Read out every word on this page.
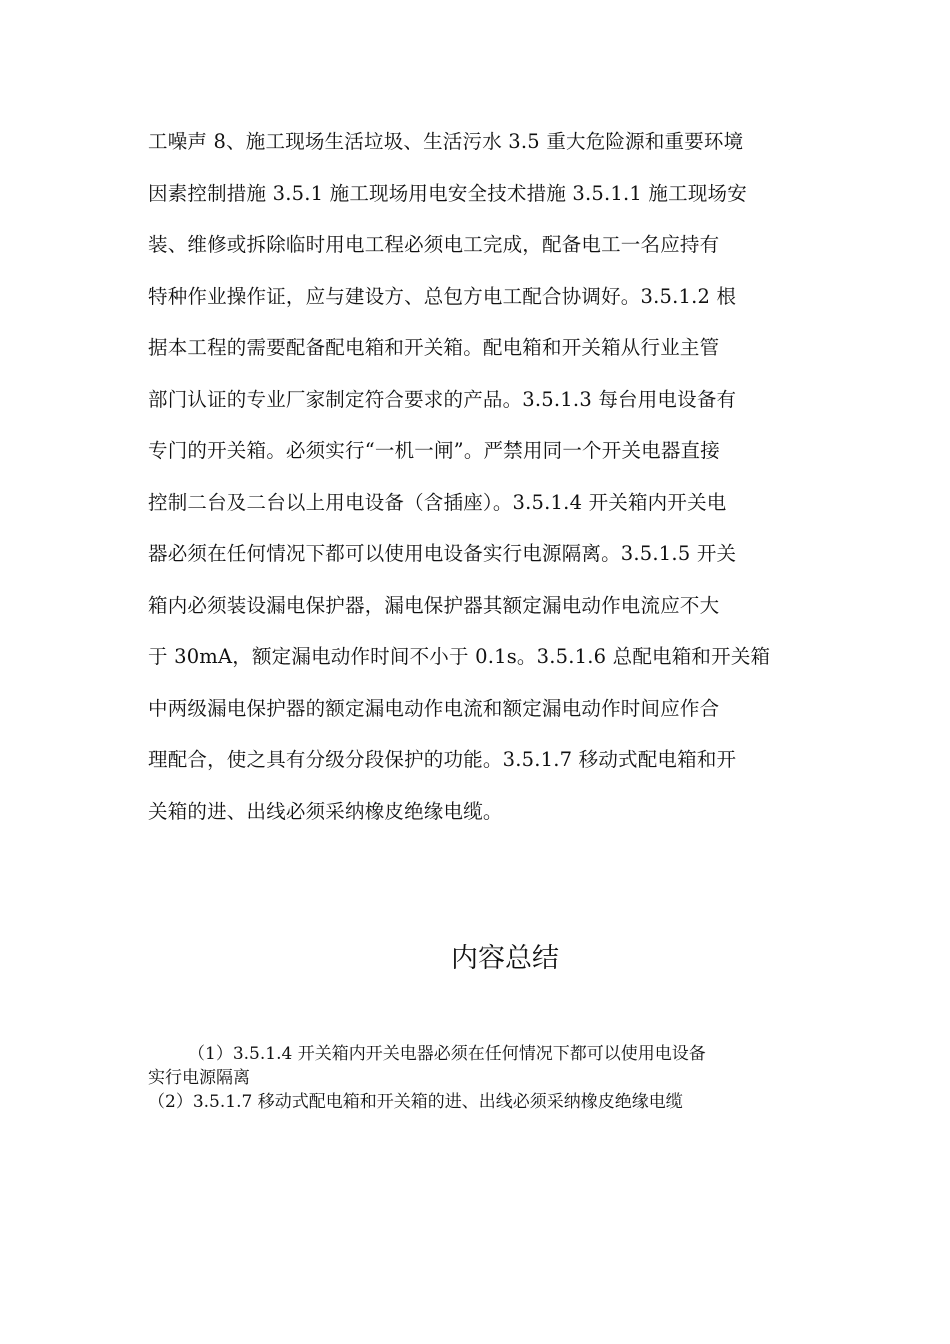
工噪声 8、施工现场生活垃圾、生活污水 3.5 重大危险源和重要环境
因素控制措施 3.5.1 施工现场用电安全技术措施 3.5.1.1 施工现场安
装、维修或拆除临时用电工程必须电工完成，配备电工一名应持有
特种作业操作证，应与建设方、总包方电工配合协调好。3.5.1.2 根
据本工程的需要配备配电箱和开关箱。配电箱和开关箱从行业主管
部门认证的专业厂家制定符合要求的产品。3.5.1.3 每台用电设备有
专门的开关箱。必须实行“一机一闸”。严禁用同一个开关电器直接
控制二台及二台以上用电设备（含插座）。3.5.1.4 开关箱内开关电
器必须在任何情况下都可以使用电设备实行电源隔离。3.5.1.5 开关
箱内必须装设漏电保护器，漏电保护器其额定漏电动作电流应不大
于 30mA，额定漏电动作时间不小于 0.1s。3.5.1.6 总配电箱和开关箱
中两级漏电保护器的额定漏电动作电流和额定漏电动作时间应作合
理配合，使之具有分级分段保护的功能。3.5.1.7 移动式配电箱和开
关箱的进、出线必须采纳橡皮绝缘电缆。
内容总结
（1）3.5.1.4 开关箱内开关电器必须在任何情况下都可以使用电设备
实行电源隔离
（2）3.5.1.7 移动式配电箱和开关箱的进、出线必须采纳橡皮绝缘电缆
